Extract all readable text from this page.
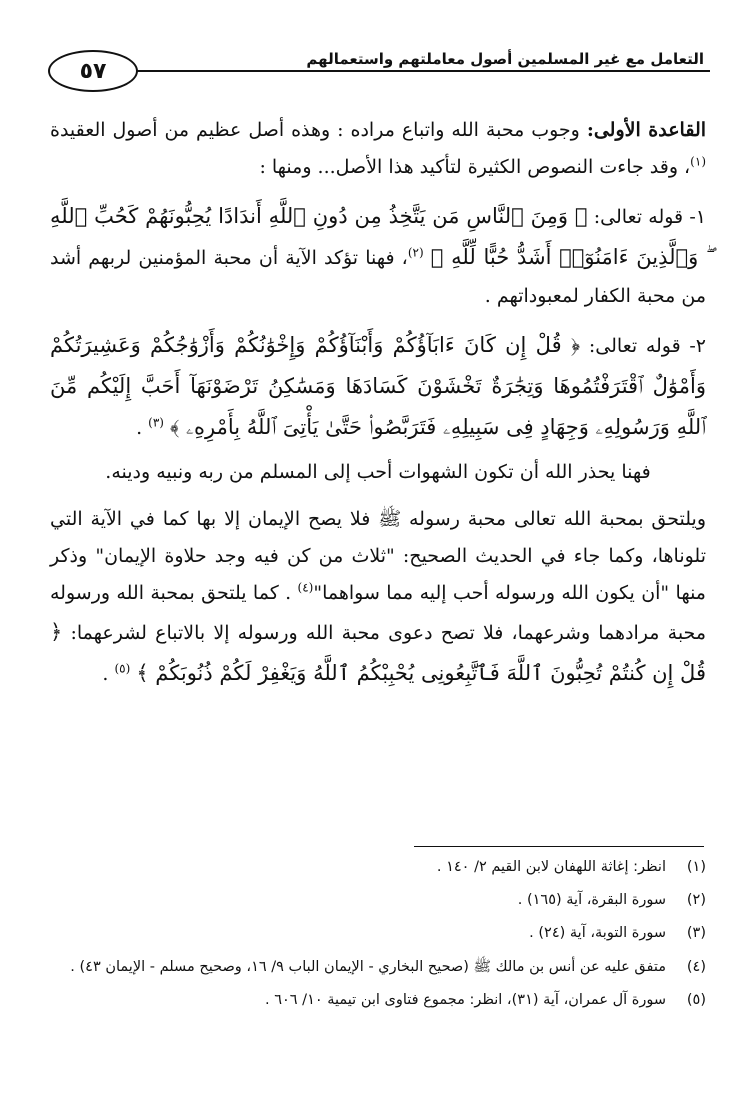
التعامل مع غير المسلمين أصول معاملتهم واستعمالهم
٥٧

القاعدة الأولى: وجوب محبة الله واتباع مراده : وهذه أصل عظيم من أصول العقيدة $^{(١)}$، وقد جاءت النصوص الكثيرة لتأكيد هذا الأصل... ومنها :

١- قوله تعالى: ﴿ وَمِنَ ٱلنَّاسِ مَن يَتَّخِذُ مِن دُونِ ٱللَّهِ أَندَادًا يُحِبُّونَهُمْ كَحُبِّ ٱللَّهِ ۖ وَٱلَّذِينَ ءَامَنُوٓا۟ أَشَدُّ حُبًّا لِّلَّهِ ﴾ $^{(٢)}$، فهنا تؤكد الآية أن محبة المؤمنين لربهم أشد من محبة الكفار لمعبوداتهم .

٢- قوله تعالى: ﴿ قُلْ إِن كَانَ ءَابَآؤُكُمْ وَأَبْنَآؤُكُمْ وَإِخْوَٰنُكُمْ وَأَزْوَٰجُكُمْ وَعَشِيرَتُكُمْ وَأَمْوَٰلٌ ٱقْتَرَفْتُمُوهَا وَتِجَٰرَةٌ تَخْشَوْنَ كَسَادَهَا وَمَسَٰكِنُ تَرْضَوْنَهَآ أَحَبَّ إِلَيْكُم مِّنَ ٱللَّهِ وَرَسُولِهِۦ وَجِهَادٍ فِى سَبِيلِهِۦ فَتَرَبَّصُوا۟ حَتَّىٰ يَأْتِىَ ٱللَّهُ بِأَمْرِهِۦ ﴾ $^{(٣)}$ .

فهنا يحذر الله أن تكون الشهوات أحب إلى المسلم من ربه ونبيه ودينه.

ويلتحق بمحبة الله تعالى محبة رسوله ﷺ فلا يصح الإيمان إلا بها كما في الآية التي تلوناها، وكما جاء في الحديث الصحيح: "ثلاث من كن فيه وجد حلاوة الإيمان" وذكر منها "أن يكون الله ورسوله أحب إليه مما سواهما"$^{(٤)}$ . كما يلتحق بمحبة الله ورسوله محبة مرادهما وشرعهما، فلا تصح دعوى محبة الله ورسوله إلا بالاتباع لشرعهما: ﴿ قُلْ إِن كُنتُمْ تُحِبُّونَ ٱللَّهَ فَٱتَّبِعُونِى يُحْبِبْكُمُ ٱللَّهُ وَيَغْفِرْ لَكُمْ ذُنُوبَكُمْ ﴾ $^{(٥)}$ .

(١)
انظر: إغاثة اللهفان لابن القيم ٢/ ١٤٠ .
(٢)
سورة البقرة، آية (١٦٥) .
(٣)
سورة التوبة، آية (٢٤) .
(٤)
متفق عليه عن أنس بن مالك ﷺ (صحيح البخاري - الإيمان الباب ٩/ ١٦، وصحيح مسلم - الإيمان ٤٣) .
(٥)
سورة آل عمران، آية (٣١)، انظر: مجموع فتاوى ابن تيمية ١٠/ ٦٠٦ .
